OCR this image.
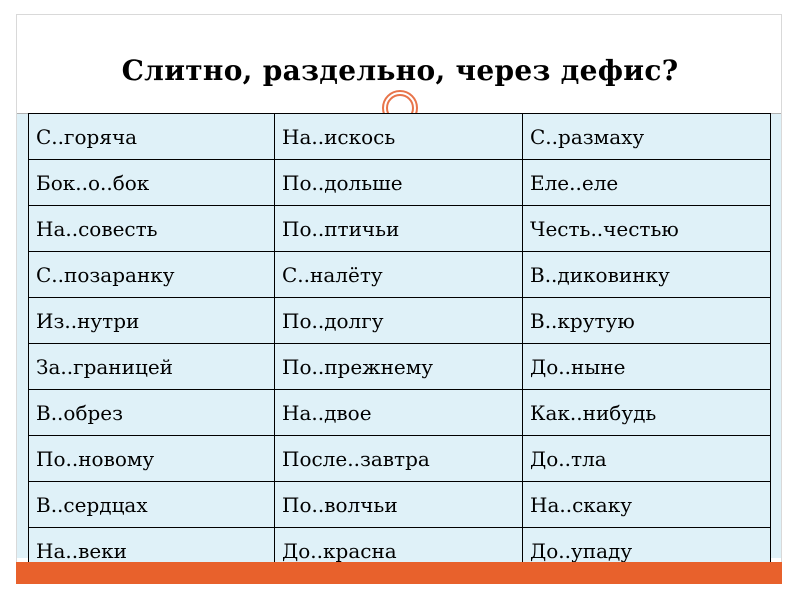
Слитно, раздельно, через дефис?
С..горяча	На..искось	С..размаху
Бок..о..бок	По..дольше	Еле..еле
На..совесть	По..птичьи	Честь..честью
С..позаранку	С..налёту	В..диковинку
Из..нутри	По..долгу	В..крутую
За..границей	По..прежнему	До..ныне
В..обрез	На..двое	Как..нибудь
По..новому	После..завтра	До..тла
В..сердцах	По..волчьи	На..скаку
На..веки	До..красна	До..упаду
